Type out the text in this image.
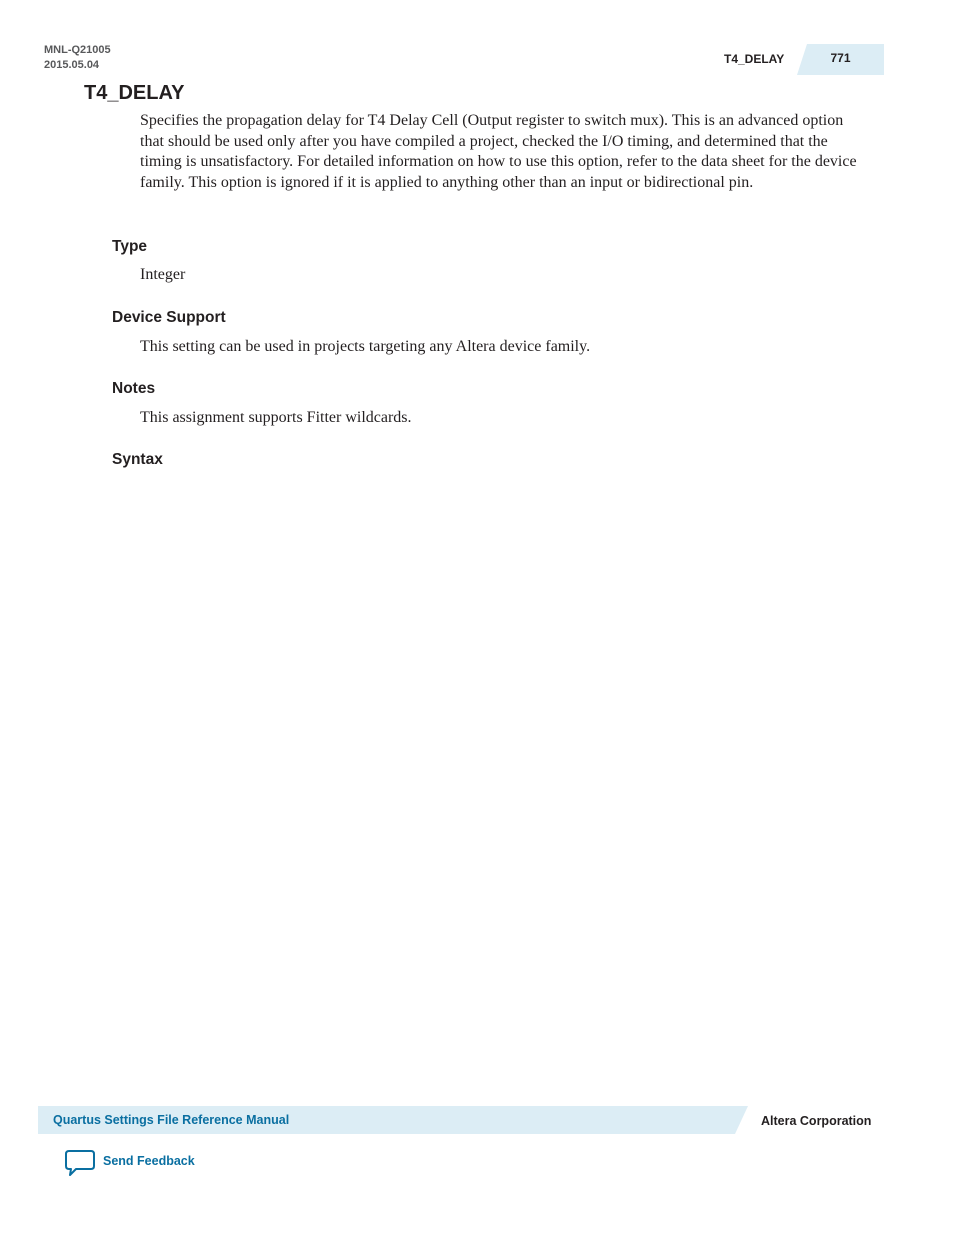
MNL-Q21005
2015.05.04	T4_DELAY	771
T4_DELAY

Specifies the propagation delay for T4 Delay Cell (Output register to switch mux). This is an advanced option that should be used only after you have compiled a project, checked the I/O timing, and determined that the timing is unsatisfactory. For detailed information on how to use this option, refer to the data sheet for the device family. This option is ignored if it is applied to anything other than an input or bidirectional pin.

Type

Integer

Device Support

This setting can be used in projects targeting any Altera device family.

Notes

This assignment supports Fitter wildcards.

Syntax
Quartus Settings File Reference Manual	Altera Corporation
Send Feedback
